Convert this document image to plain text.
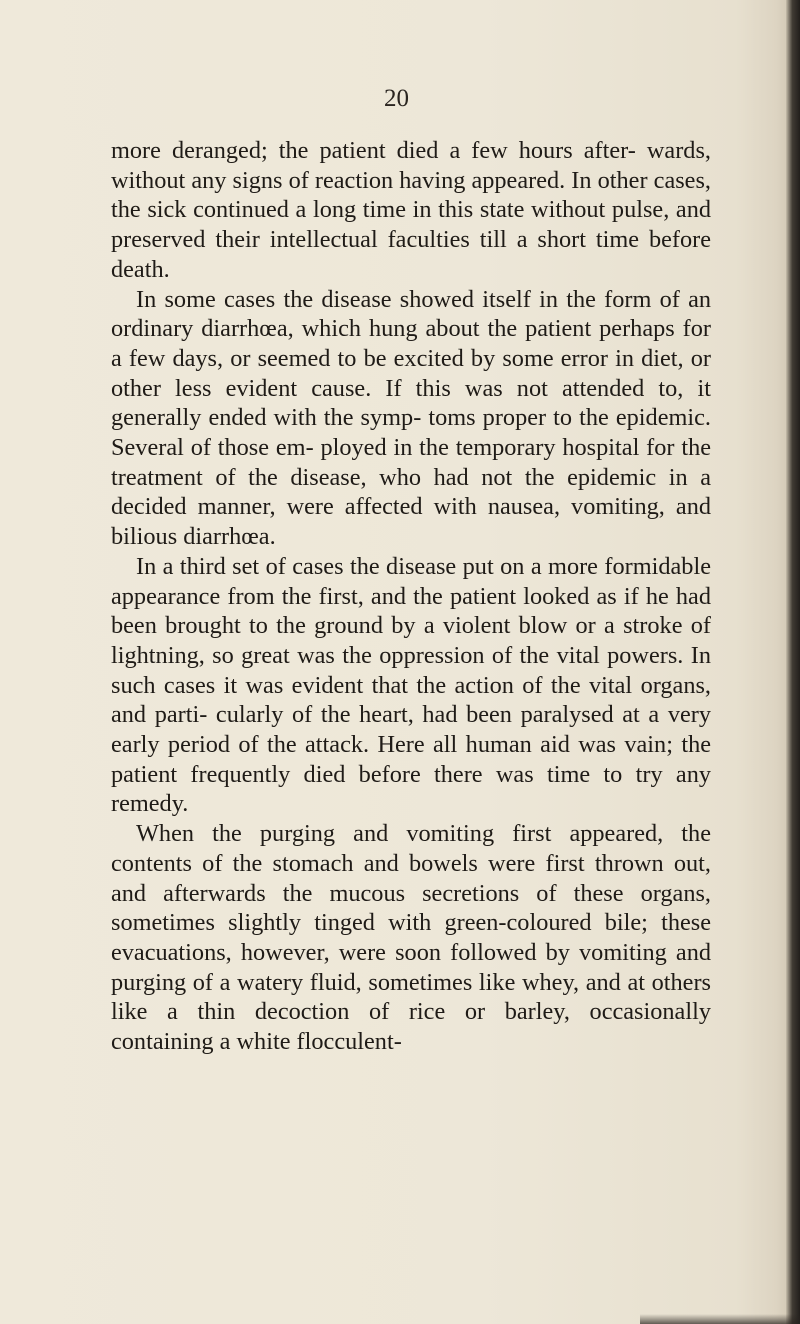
20

more deranged; the patient died a few hours after- wards, without any signs of reaction having appeared. In other cases, the sick continued a long time in this state without pulse, and preserved their intellectual faculties till a short time before death.

In some cases the disease showed itself in the form of an ordinary diarrhœa, which hung about the patient perhaps for a few days, or seemed to be excited by some error in diet, or other less evident cause. If this was not attended to, it generally ended with the symp- toms proper to the epidemic. Several of those em- ployed in the temporary hospital for the treatment of the disease, who had not the epidemic in a decided manner, were affected with nausea, vomiting, and bilious diarrhœa.

In a third set of cases the disease put on a more formidable appearance from the first, and the patient looked as if he had been brought to the ground by a violent blow or a stroke of lightning, so great was the oppression of the vital powers. In such cases it was evident that the action of the vital organs, and parti- cularly of the heart, had been paralysed at a very early period of the attack. Here all human aid was vain; the patient frequently died before there was time to try any remedy.

When the purging and vomiting first appeared, the contents of the stomach and bowels were first thrown out, and afterwards the mucous secretions of these organs, sometimes slightly tinged with green-coloured bile; these evacuations, however, were soon followed by vomiting and purging of a watery fluid, sometimes like whey, and at others like a thin decoction of rice or barley, occasionally containing a white flocculent-
